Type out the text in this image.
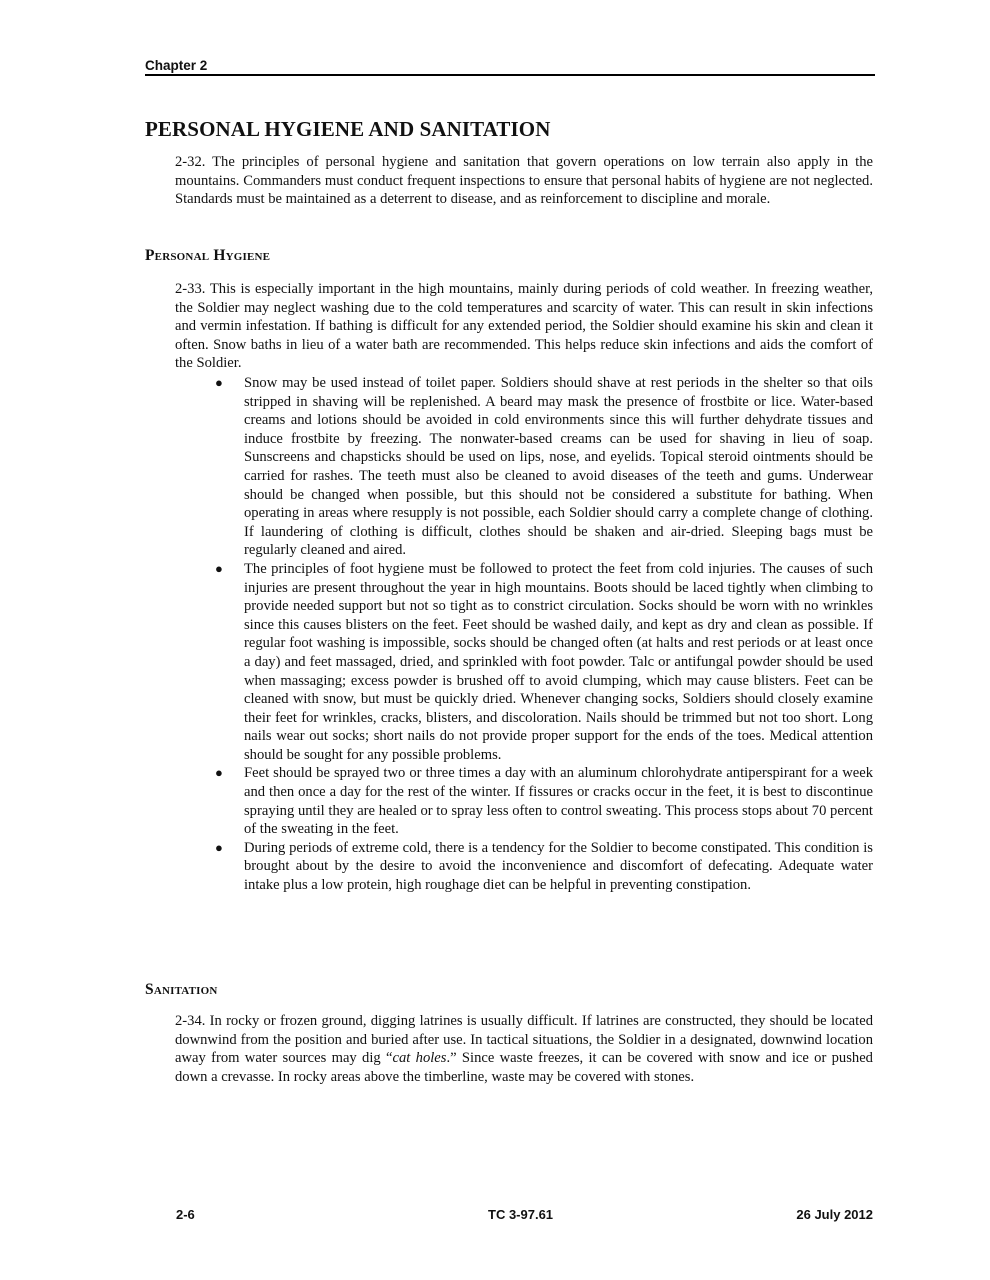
Chapter 2
PERSONAL HYGIENE AND SANITATION

2-32. The principles of personal hygiene and sanitation that govern operations on low terrain also apply in the mountains. Commanders must conduct frequent inspections to ensure that personal habits of hygiene are not neglected. Standards must be maintained as a deterrent to disease, and as reinforcement to discipline and morale.

Personal Hygiene

2-33. This is especially important in the high mountains, mainly during periods of cold weather. In freezing weather, the Soldier may neglect washing due to the cold temperatures and scarcity of water. This can result in skin infections and vermin infestation. If bathing is difficult for any extended period, the Soldier should examine his skin and clean it often. Snow baths in lieu of a water bath are recommended. This helps reduce skin infections and aids the comfort of the Soldier.

● Snow may be used instead of toilet paper. Soldiers should shave at rest periods in the shelter so that oils stripped in shaving will be replenished. A beard may mask the presence of frostbite or lice. Water-based creams and lotions should be avoided in cold environments since this will further dehydrate tissues and induce frostbite by freezing. The nonwater-based creams can be used for shaving in lieu of soap. Sunscreens and chapsticks should be used on lips, nose, and eyelids. Topical steroid ointments should be carried for rashes. The teeth must also be cleaned to avoid diseases of the teeth and gums. Underwear should be changed when possible, but this should not be considered a substitute for bathing. When operating in areas where resupply is not possible, each Soldier should carry a complete change of clothing. If laundering of clothing is difficult, clothes should be shaken and air-dried. Sleeping bags must be regularly cleaned and aired.
● The principles of foot hygiene must be followed to protect the feet from cold injuries. The causes of such injuries are present throughout the year in high mountains. Boots should be laced tightly when climbing to provide needed support but not so tight as to constrict circulation. Socks should be worn with no wrinkles since this causes blisters on the feet. Feet should be washed daily, and kept as dry and clean as possible. If regular foot washing is impossible, socks should be changed often (at halts and rest periods or at least once a day) and feet massaged, dried, and sprinkled with foot powder. Talc or antifungal powder should be used when massaging; excess powder is brushed off to avoid clumping, which may cause blisters. Feet can be cleaned with snow, but must be quickly dried. Whenever changing socks, Soldiers should closely examine their feet for wrinkles, cracks, blisters, and discoloration. Nails should be trimmed but not too short. Long nails wear out socks; short nails do not provide proper support for the ends of the toes. Medical attention should be sought for any possible problems.
● Feet should be sprayed two or three times a day with an aluminum chlorohydrate antiperspirant for a week and then once a day for the rest of the winter. If fissures or cracks occur in the feet, it is best to discontinue spraying until they are healed or to spray less often to control sweating. This process stops about 70 percent of the sweating in the feet.
● During periods of extreme cold, there is a tendency for the Soldier to become constipated. This condition is brought about by the desire to avoid the inconvenience and discomfort of defecating. Adequate water intake plus a low protein, high roughage diet can be helpful in preventing constipation.
Sanitation

2-34. In rocky or frozen ground, digging latrines is usually difficult. If latrines are constructed, they should be located downwind from the position and buried after use. In tactical situations, the Soldier in a designated, downwind location away from water sources may dig “cat holes.” Since waste freezes, it can be covered with snow and ice or pushed down a crevasse. In rocky areas above the timberline, waste may be covered with stones.

2-6	TC 3-97.61	26 July 2012
